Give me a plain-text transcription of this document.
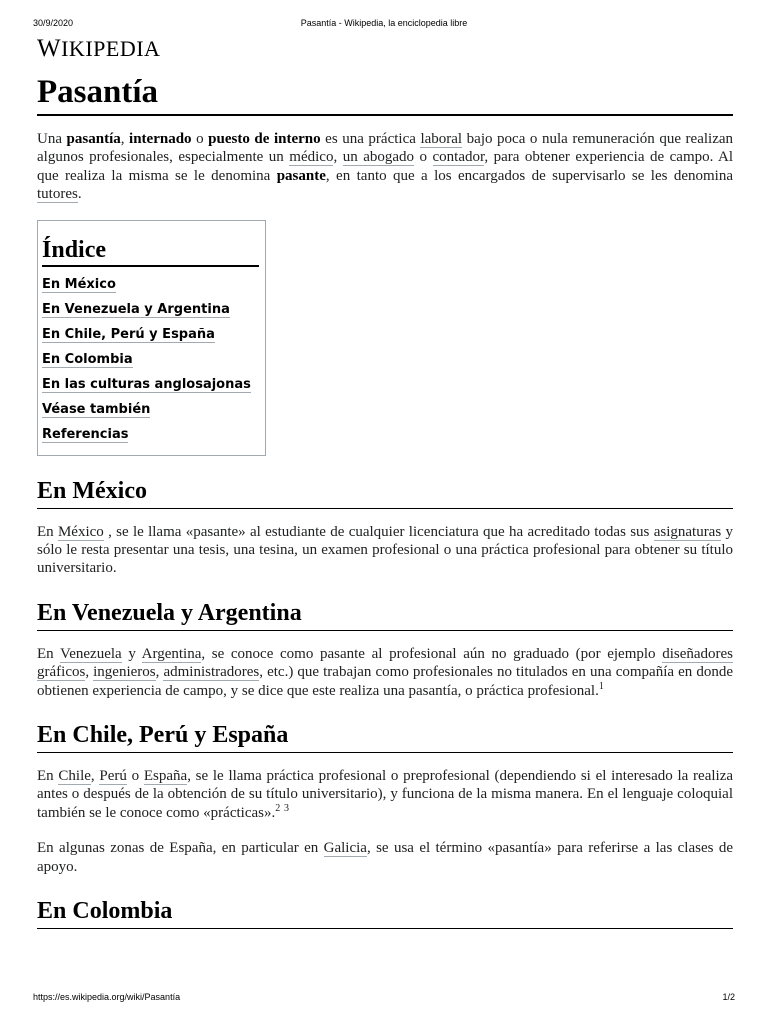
30/9/2020	Pasantía - Wikipedia, la enciclopedia libre
WIKIPEDIA
Pasantía

Una pasantía, internado o puesto de interno es una práctica laboral bajo poca o nula remuneración que realizan algunos profesionales, especialmente un médico, un abogado o contador, para obtener experiencia de campo. Al que realiza la misma se le denomina pasante, en tanto que a los encargados de supervisarlo se les denomina tutores.

Índice
En México
En Venezuela y Argentina
En Chile, Perú y España
En Colombia
En las culturas anglosajonas
Véase también
Referencias
En México

En México , se le llama «pasante» al estudiante de cualquier licenciatura que ha acreditado todas sus asignaturas y sólo le resta presentar una tesis, una tesina, un examen profesional o una práctica profesional para obtener su título universitario.

En Venezuela y Argentina

En Venezuela y Argentina, se conoce como pasante al profesional aún no graduado (por ejemplo diseñadores gráficos, ingenieros, administradores, etc.) que trabajan como profesionales no titulados en una compañía en donde obtienen experiencia de campo, y se dice que este realiza una pasantía, o práctica profesional.$^1$

En Chile, Perú y España

En Chile, Perú o España, se le llama práctica profesional o preprofesional (dependiendo si el interesado la realiza antes o después de la obtención de su título universitario), y funciona de la misma manera. En el lenguaje coloquial también se le conoce como «prácticas».$^2$ $^3$

En algunas zonas de España, en particular en Galicia, se usa el término «pasantía» para referirse a las clases de apoyo.

En Colombia
https://es.wikipedia.org/wiki/Pasantía	1/2
